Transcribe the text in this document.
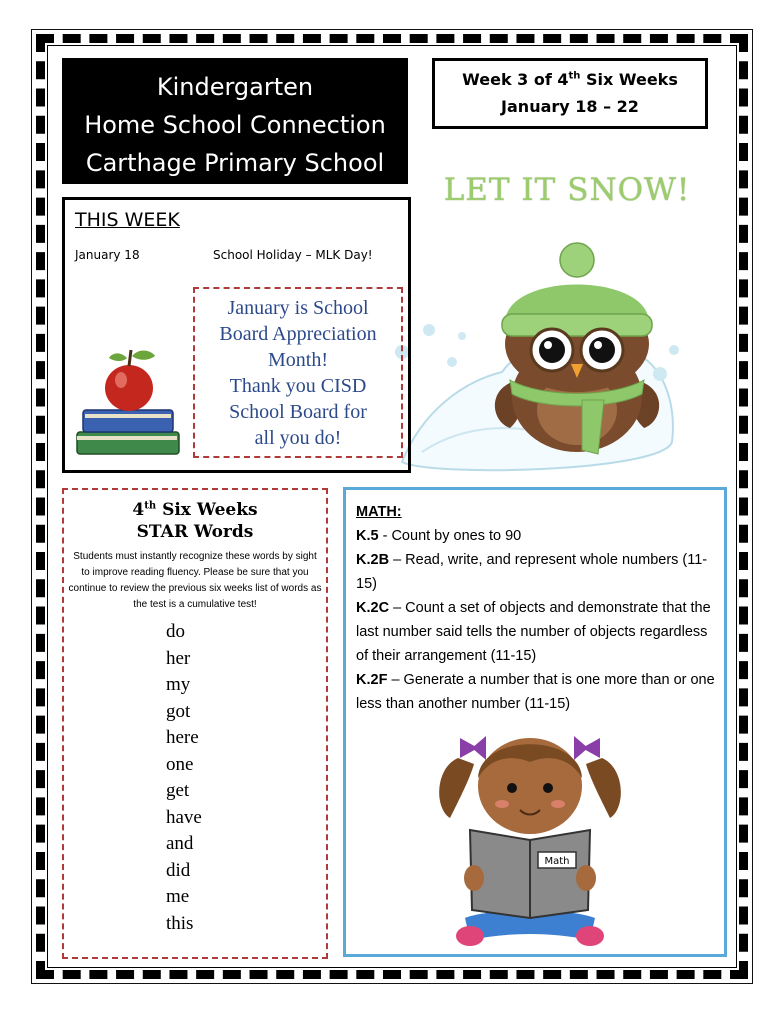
Kindergarten
Home School Connection
Carthage Primary School
Week 3 of 4th Six Weeks
January 18 – 22
LET IT SNOW!
THIS WEEK
January 18	School Holiday – MLK Day!
January is School
Board Appreciation
Month!
Thank you CISD
School Board for
all you do!
4th Six Weeks
STAR Words
Students must instantly recognize these words by sight to improve reading fluency. Please be sure that you continue to review the previous six weeks list of words as the test is a cumulative test!
do
her
my
got
here
one
get
have
and
did
me
this
MATH:
K.5 - Count by ones to 90
K.2B – Read, write, and represent whole numbers (11-15)
K.2C – Count a set of objects and demonstrate that the last number said tells the number of objects regardless of their arrangement (11-15)
K.2F – Generate a number that is one more than or one less than another number (11-15)
Math
